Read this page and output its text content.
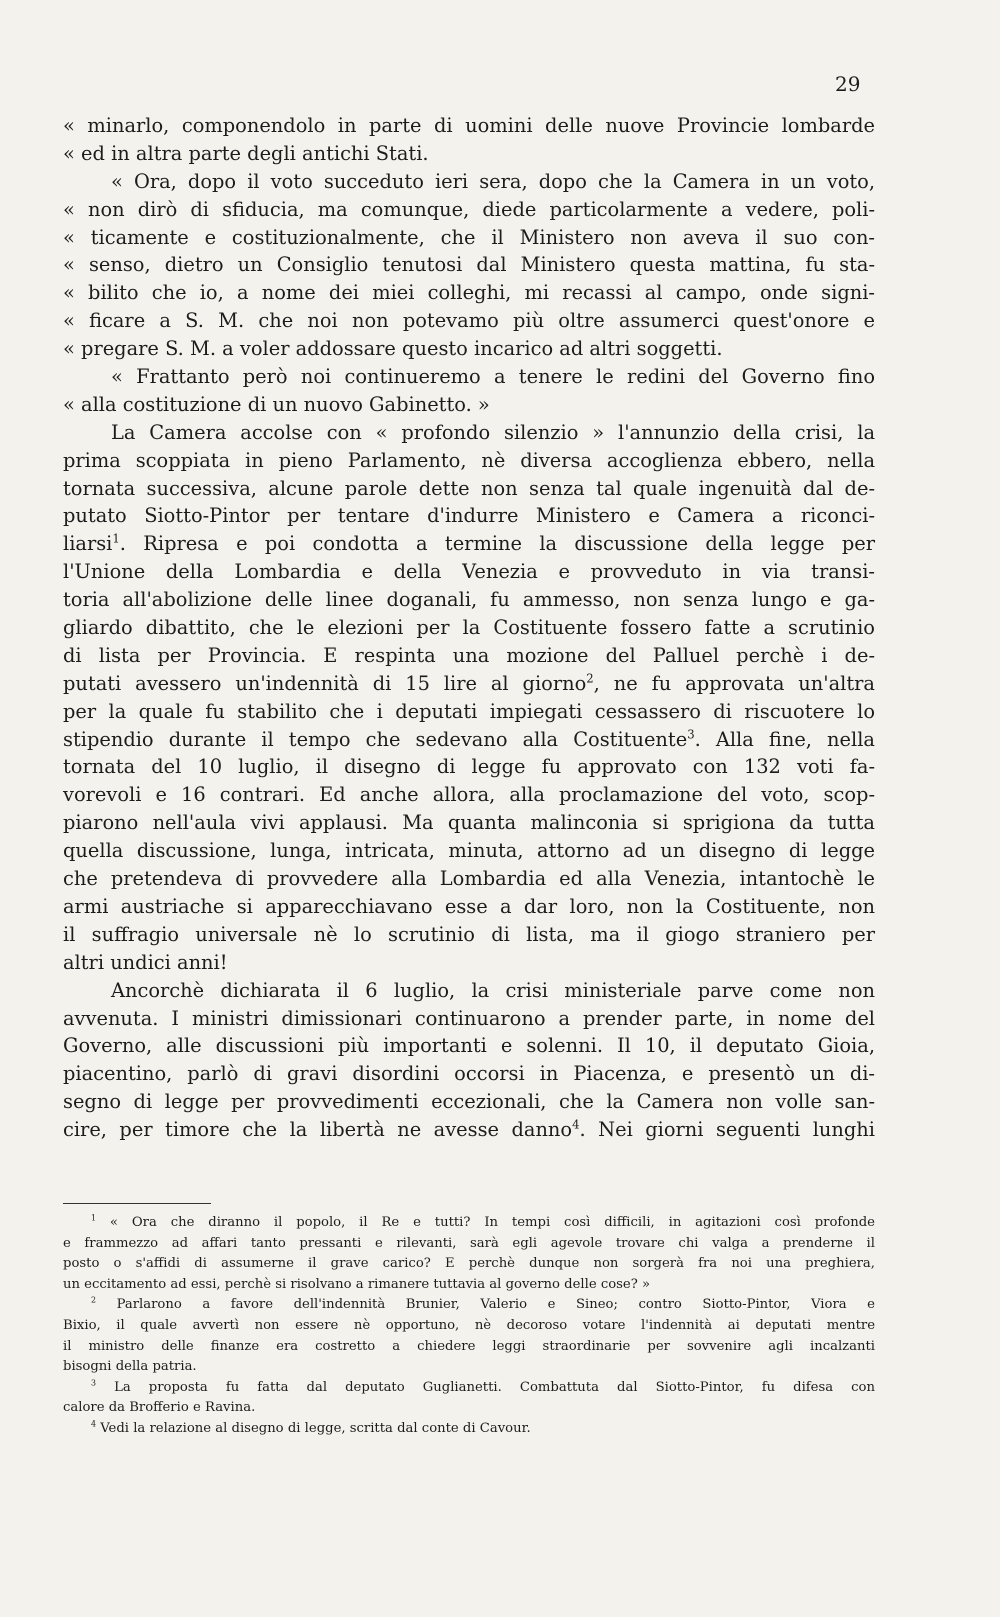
29
« minarlo, componendolo in parte di uomini delle nuove Provincie lombarde
« ed in altra parte degli antichi Stati.
« Ora, dopo il voto succeduto ieri sera, dopo che la Camera in un voto,
« non dirò di sfiducia, ma comunque, diede particolarmente a vedere, poli-
« ticamente e costituzionalmente, che il Ministero non aveva il suo con-
« senso, dietro un Consiglio tenutosi dal Ministero questa mattina, fu sta-
« bilito che io, a nome dei miei colleghi, mi recassi al campo, onde signi-
« ficare a S. M. che noi non potevamo più oltre assumerci quest'onore e
« pregare S. M. a voler addossare questo incarico ad altri soggetti.
« Frattanto però noi continueremo a tenere le redini del Governo fino
« alla costituzione di un nuovo Gabinetto. »
La Camera accolse con « profondo silenzio » l'annunzio della crisi, la
prima scoppiata in pieno Parlamento, nè diversa accoglienza ebbero, nella
tornata successiva, alcune parole dette non senza tal quale ingenuità dal de-
putato Siotto-Pintor per tentare d'indurre Ministero e Camera a riconci-
liarsi$^1$. Ripresa e poi condotta a termine la discussione della legge per
l'Unione della Lombardia e della Venezia e provveduto in via transi-
toria all'abolizione delle linee doganali, fu ammesso, non senza lungo e ga-
gliardo dibattito, che le elezioni per la Costituente fossero fatte a scrutinio
di lista per Provincia. E respinta una mozione del Palluel perchè i de-
putati avessero un'indennità di 15 lire al giorno$^2$, ne fu approvata un'altra
per la quale fu stabilito che i deputati impiegati cessassero di riscuotere lo
stipendio durante il tempo che sedevano alla Costituente$^3$. Alla fine, nella
tornata del 10 luglio, il disegno di legge fu approvato con 132 voti fa-
vorevoli e 16 contrari. Ed anche allora, alla proclamazione del voto, scop-
piarono nell'aula vivi applausi. Ma quanta malinconia si sprigiona da tutta
quella discussione, lunga, intricata, minuta, attorno ad un disegno di legge
che pretendeva di provvedere alla Lombardia ed alla Venezia, intantochè le
armi austriache si apparecchiavano esse a dar loro, non la Costituente, non
il suffragio universale nè lo scrutinio di lista, ma il giogo straniero per
altri undici anni!
Ancorchè dichiarata il 6 luglio, la crisi ministeriale parve come non
avvenuta. I ministri dimissionari continuarono a prender parte, in nome del
Governo, alle discussioni più importanti e solenni. Il 10, il deputato Gioia,
piacentino, parlò di gravi disordini occorsi in Piacenza, e presentò un di-
segno di legge per provvedimenti eccezionali, che la Camera non volle san-
cire, per timore che la libertà ne avesse danno$^4$. Nei giorni seguenti lunghi
$^1$ « Ora che diranno il popolo, il Re e tutti? In tempi così difficili, in agitazioni così profonde
e frammezzo ad affari tanto pressanti e rilevanti, sarà egli agevole trovare chi valga a prenderne il
posto o s'affidi di assumerne il grave carico? E perchè dunque non sorgerà fra noi una preghiera,
un eccitamento ad essi, perchè si risolvano a rimanere tuttavia al governo delle cose? »
$^2$ Parlarono a favore dell'indennità Brunier, Valerio e Sineo; contro Siotto-Pintor, Viora e
Bixio, il quale avvertì non essere nè opportuno, nè decoroso votare l'indennità ai deputati mentre
il ministro delle finanze era costretto a chiedere leggi straordinarie per sovvenire agli incalzanti
bisogni della patria.
$^3$ La proposta fu fatta dal deputato Guglianetti. Combattuta dal Siotto-Pintor, fu difesa con
calore da Brofferio e Ravina.
$^4$ Vedi la relazione al disegno di legge, scritta dal conte di Cavour.
